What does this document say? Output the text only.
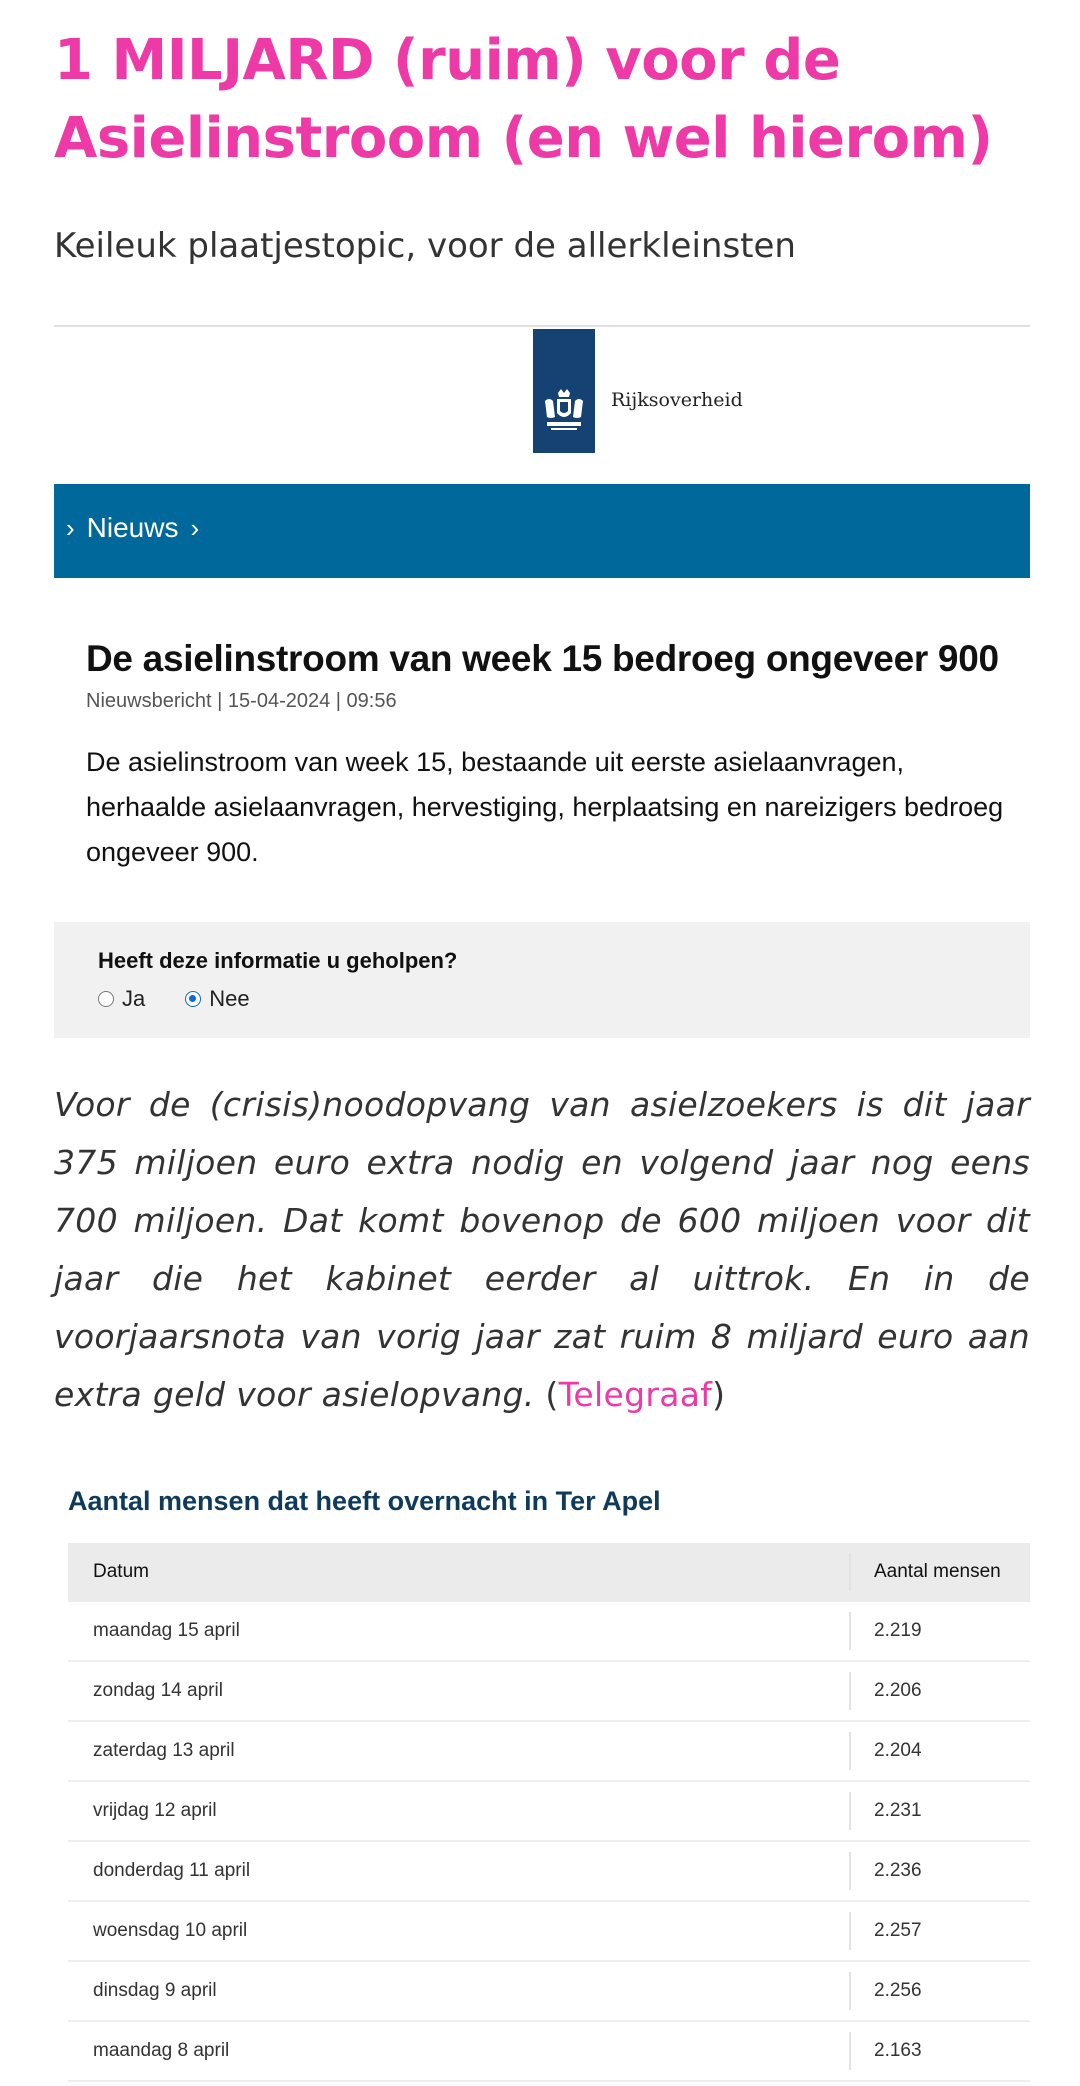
1 MILJARD (ruim) voor de Asielinstroom (en wel hierom)

Keileuk plaatjestopic, voor de allerkleinsten

Rijksoverheid
› Nieuws ›
De asielinstroom van week 15 bedroeg ongeveer 900
Nieuwsbericht | 15-04-2024 | 09:56
De asielinstroom van week 15, bestaande uit eerste asielaanvragen, herhaalde asielaanvragen, hervestiging, herplaatsing en nareizigers bedroeg ongeveer 900.
Heeft deze informatie u geholpen?
Ja	Nee

Voor de (crisis)noodopvang van asielzoekers is dit jaar 375 miljoen euro extra nodig en volgend jaar nog eens 700 miljoen. Dat komt bovenop de 600 miljoen voor dit jaar die het kabinet eerder al uittrok. En in de voorjaarsnota van vorig jaar zat ruim 8 miljard euro aan extra geld voor asielopvang. (Telegraaf)

Aantal mensen dat heeft overnacht in Ter Apel
Datum	Aantal mensen
maandag 15 april	2.219
zondag 14 april	2.206
zaterdag 13 april	2.204
vrijdag 12 april	2.231
donderdag 11 april	2.236
woensdag 10 april	2.257
dinsdag 9 april	2.256
maandag 8 april	2.163
